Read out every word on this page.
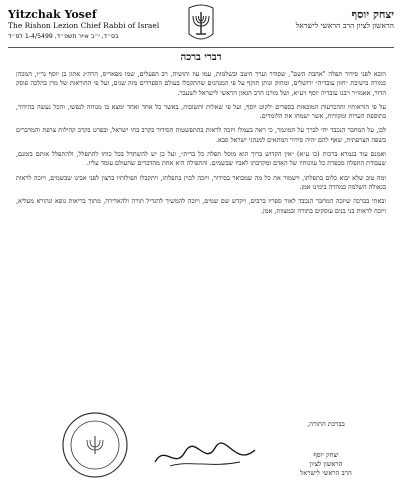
Yitzchak Yosef
The Rishon Lezion Chief Rabbi of Israel
בס״ד, י״ב אייר תשפ״ד, 1-4/5499 לס״ד
יצחק יוסף
הראשון לציון הרב הראשי לישראל
דברי ברכה

הובא לפני סידור תפלה "אהבת השם", שסודר וערך היטב ובשלמות, עמו עוז ותושיה, רב הפעלים, שמו מפאריס, הרה״ג אתון בן יוסף נר״ו, המכהן כמורה בישיבת ״חזון עובדיה״ ירושלים, ומחזק ונותן תוקף על פי המנהגים שהתקבלו בעולם הספרדים מזה שנים, ועל פי ההוראות של מרן בהלכה פוסק הדור, אאמו״ר רבנו עובדיה יוסף זיע״א, ושל מורנו הרב הגאון הראשי לישראל לשעבר.

על פי הוראותיו וההכרעות המובאות בספרים ילקוט יוסף, ועל פי שאלות ותשובות, באשר כל אחד ואחד ימצא בו מנוחה לנפשו, והכל נעשה בהידור, בתוספת הערות ומקורות, אשר ישמחו את הלומדים.

לכן, על המחבר הנכבד יחי לברך על המוגמר, כי ראה בעמלו ויזכה לראות בהתפשטות הסידור בקרב בתי ישראל, ובפרט בקרב קהילות צרפת והמדברים בשפה הצרפתית, שאף להם יהיה סידור המתאים למנהגי ישראל סבא.

ואמנם עוד בגמרא ברכות (כו ע״א) ״אין הקדוש ברוך הוא מוסל תפלה כל ברית״, ועל כן יש להשתדל בכל כוחו להתפלל, ולהתפלל אותם בזמנם, שעבודת התפלה מכפרת כל עוונותיו של האדם ומקרבתו לאביו שבשמים. והתפילה היא אחת מהדברים שהעולם עומד עליו.

ומה טוב שלא יבוא כלום בתפלתו, וישמור את כל מה שמבואר בסידור, ויזכה לכוין בתפלתו, ויתקבלו תפילותיו ברצון לפני אבינו שבשמים, ויזכה לראות בגאולה השלמה במהרה בימינו אמן.

ובאתי בברכה שיזכה המחבר הנכבד לאור ספריו ברבים, ויקדש שם שמים, ויזכה להמשיך להגדיל תורה ולהאדירה, מתוך בריאות גופא ונהורא מעליא, ויזכה לראות בני בנים עוסקים בתורה ובמצוות, אמן.

בברכת התורה,
יצחק יוסף
הראשון לציון
הרב הראשי לישראל
